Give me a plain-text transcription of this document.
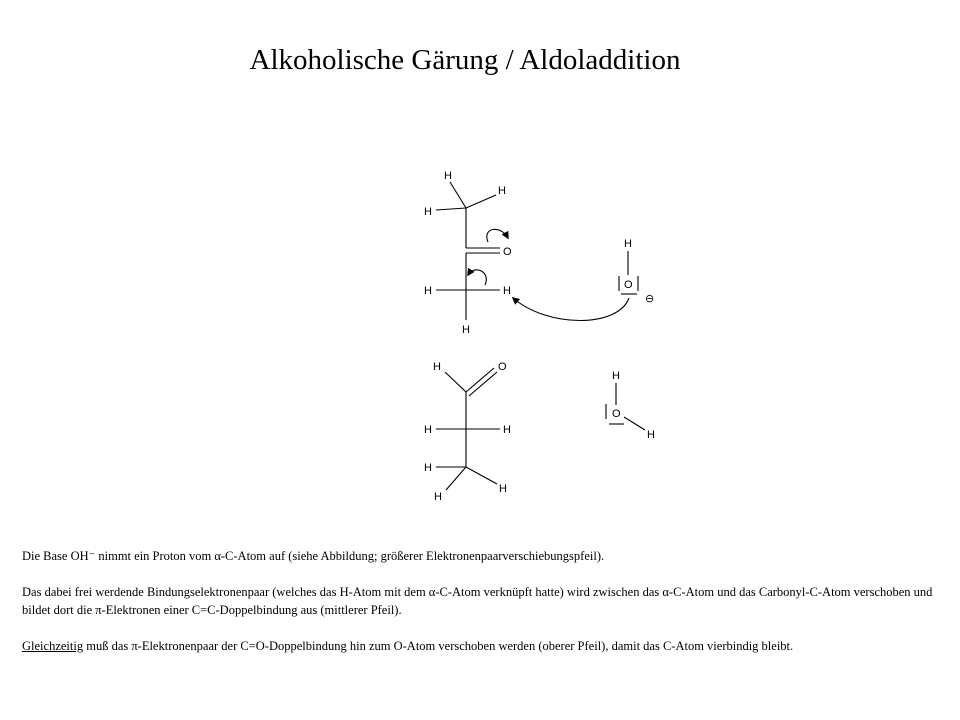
Alkoholische Gärung / Aldoladdition
H
H
H
O
H	H
H
H
O
⊖
H	O
H	H
H
H
H
H
O
H

Die Base OH⁻ nimmt ein Proton vom α-C-Atom auf (siehe Abbildung; größerer Elektronenpaarverschiebungspfeil).

Das dabei frei werdende Bindungselektronenpaar (welches das H-Atom mit dem α-C-Atom verknüpft hatte) wird zwischen das α-C-Atom und das Carbonyl-C-Atom verschoben und bildet dort die π-Elektronen einer C=C-Doppelbindung aus (mittlerer Pfeil).

Gleichzeitig muß das π-Elektronenpaar der C=O-Doppelbindung hin zum O-Atom verschoben werden (oberer Pfeil), damit das C-Atom vierbindig bleibt.
